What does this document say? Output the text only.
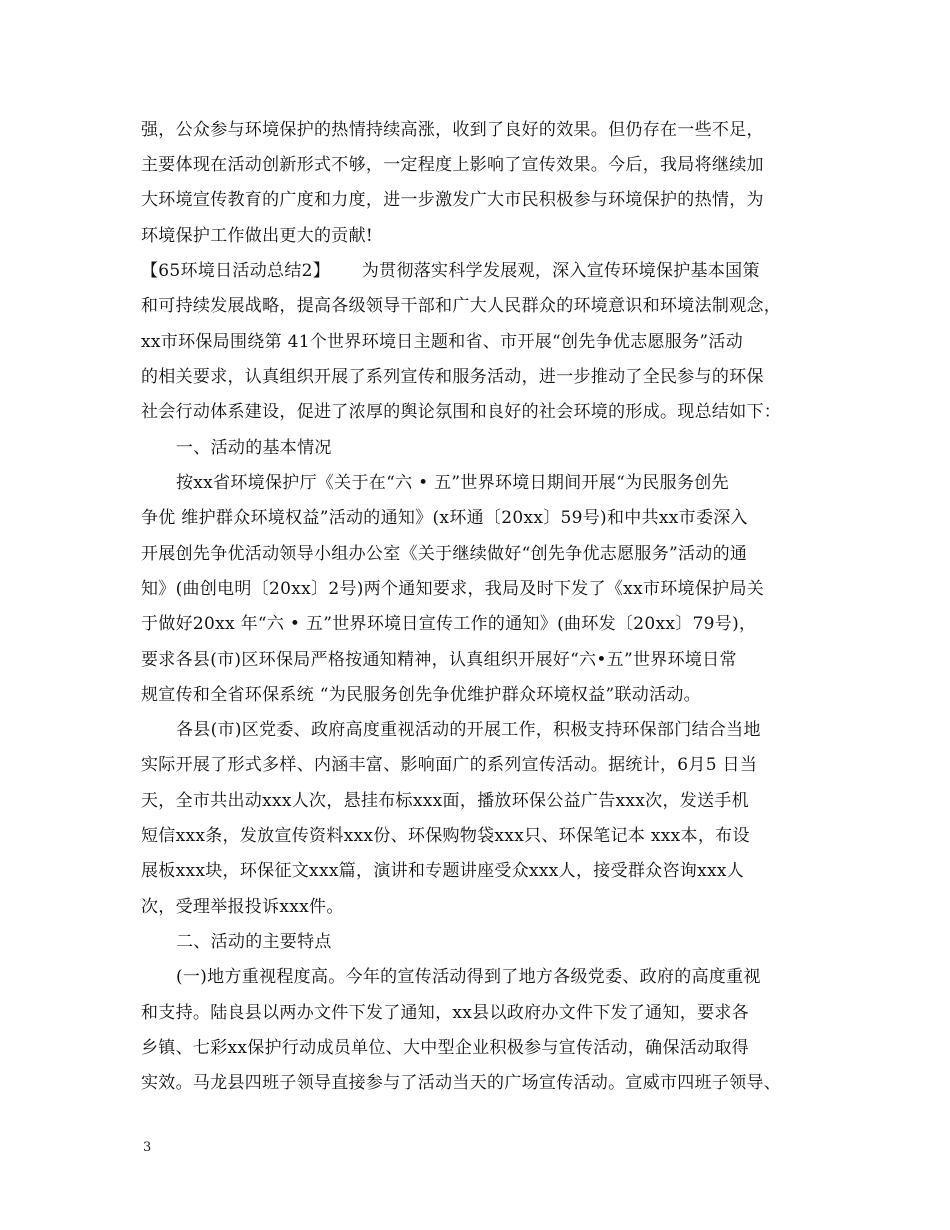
强，公众参与环境保护的热情持续高涨，收到了良好的效果。但仍存在一些不足，
主要体现在活动创新形式不够，一定程度上影响了宣传效果。今后，我局将继续加
大环境宣传教育的广度和力度，进一步激发广大市民积极参与环境保护的热情，为
环境保护工作做出更大的贡献!
【65环境日活动总结2】　　 为贯彻落实科学发展观，深入宣传环境保护基本国策
和可持续发展战略，提高各级领导干部和广大人民群众的环境意识和环境法制观念，
xx市环保局围绕第 41个世界环境日主题和省、市开展“创先争优志愿服务”活动
的相关要求，认真组织开展了系列宣传和服务活动，进一步推动了全民参与的环保
社会行动体系建设，促进了浓厚的舆论氛围和良好的社会环境的形成。现总结如下：
一、活动的基本情况
按xx省环境保护厅《关于在“六 • 五”世界环境日期间开展“为民服务创先
争优 维护群众环境权益”活动的通知》(x环通〔20xx〕59号)和中共xx市委深入
开展创先争优活动领导小组办公室《关于继续做好“创先争优志愿服务”活动的通
知》(曲创电明〔20xx〕2号)两个通知要求，我局及时下发了《xx市环境保护局关
于做好20xx 年“六 • 五”世界环境日宣传工作的通知》(曲环发〔20xx〕79号)，
要求各县(市)区环保局严格按通知精神，认真组织开展好“六•五”世界环境日常
规宣传和全省环保系统 “为民服务创先争优维护群众环境权益”联动活动。
各县(市)区党委、政府高度重视活动的开展工作，积极支持环保部门结合当地
实际开展了形式多样、内涵丰富、影响面广的系列宣传活动。据统计，6月5 日当
天，全市共出动xxx人次，悬挂布标xxx面，播放环保公益广告xxx次，发送手机
短信xxx条，发放宣传资料xxx份、环保购物袋xxx只、环保笔记本 xxx本，布设
展板xxx块，环保征文xxx篇，演讲和专题讲座受众xxx人，接受群众咨询xxx人
次，受理举报投诉xxx件。
二、活动的主要特点
(一)地方重视程度高。今年的宣传活动得到了地方各级党委、政府的高度重视
和支持。陆良县以两办文件下发了通知，xx县以政府办文件下发了通知，要求各
乡镇、七彩xx保护行动成员单位、大中型企业积极参与宣传活动，确保活动取得
实效。马龙县四班子领导直接参与了活动当天的广场宣传活动。宣威市四班子领导、
3
